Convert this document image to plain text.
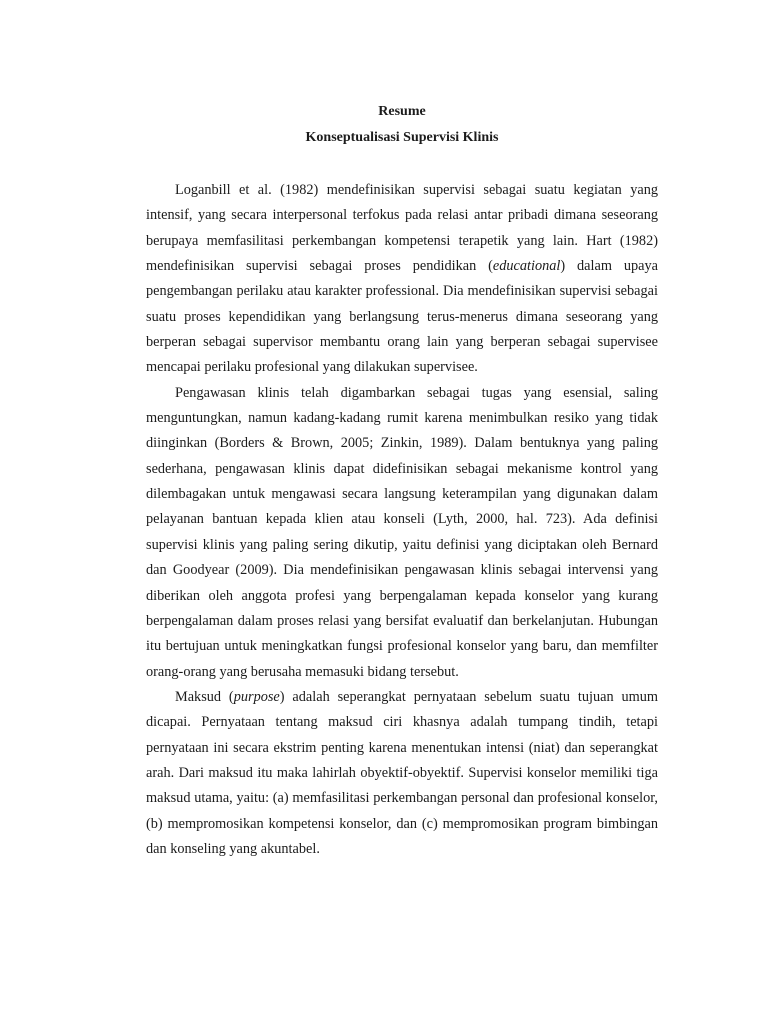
Resume
Konseptualisasi Supervisi Klinis

Loganbill et al. (1982) mendefinisikan supervisi sebagai suatu kegiatan yang intensif, yang secara interpersonal terfokus pada relasi antar pribadi dimana seseorang berupaya memfasilitasi perkembangan kompetensi terapetik yang lain. Hart (1982) mendefinisikan supervisi sebagai proses pendidikan (educational) dalam upaya pengembangan perilaku atau karakter professional. Dia mendefinisikan supervisi sebagai suatu proses kependidikan yang berlangsung terus-menerus dimana seseorang yang berperan sebagai supervisor membantu orang lain yang berperan sebagai supervisee mencapai perilaku profesional yang dilakukan supervisee.

Pengawasan klinis telah digambarkan sebagai tugas yang esensial, saling menguntungkan, namun kadang-kadang rumit karena menimbulkan resiko yang tidak diinginkan (Borders & Brown, 2005; Zinkin, 1989). Dalam bentuknya yang paling sederhana, pengawasan klinis dapat didefinisikan sebagai mekanisme kontrol yang dilembagakan untuk mengawasi secara langsung keterampilan yang digunakan dalam pelayanan bantuan kepada klien atau konseli (Lyth, 2000, hal. 723). Ada definisi supervisi klinis yang paling sering dikutip, yaitu definisi yang diciptakan oleh Bernard dan Goodyear (2009). Dia mendefinisikan pengawasan klinis sebagai intervensi yang diberikan oleh anggota profesi yang berpengalaman kepada konselor yang kurang berpengalaman dalam proses relasi yang bersifat evaluatif dan berkelanjutan. Hubungan itu bertujuan untuk meningkatkan fungsi profesional konselor yang baru, dan memfilter orang-orang yang berusaha memasuki bidang tersebut.

Maksud (purpose) adalah seperangkat pernyataan sebelum suatu tujuan umum dicapai. Pernyataan tentang maksud ciri khasnya adalah tumpang tindih, tetapi pernyataan ini secara ekstrim penting karena menentukan intensi (niat) dan seperangkat arah. Dari maksud itu maka lahirlah obyektif-obyektif. Supervisi konselor memiliki tiga maksud utama, yaitu: (a) memfasilitasi perkembangan personal dan profesional konselor, (b) mempromosikan kompetensi konselor, dan (c) mempromosikan program bimbingan dan konseling yang akuntabel.
